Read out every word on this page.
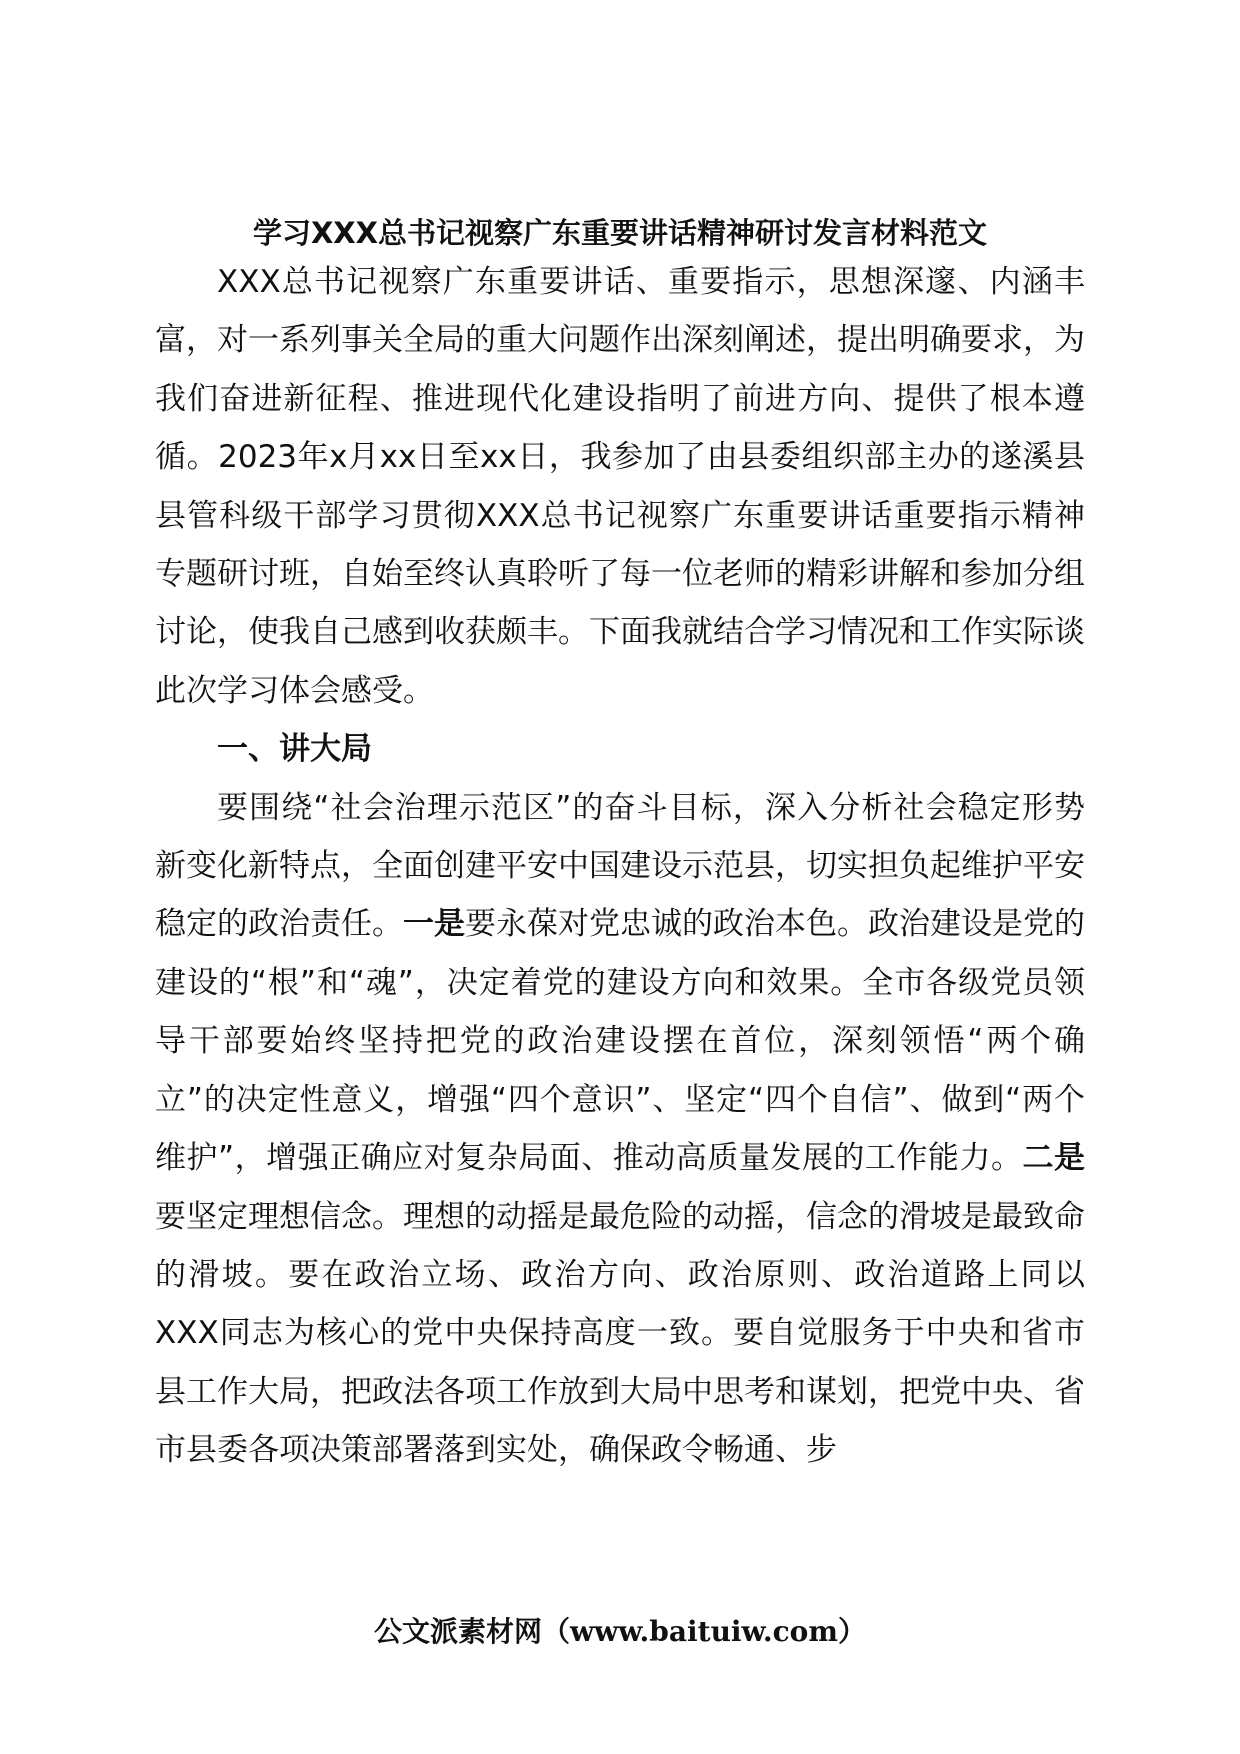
学习XXX总书记视察广东重要讲话精神研讨发言材料范文

XXX总书记视察广东重要讲话、重要指示，思想深邃、内涵丰富，对一系列事关全局的重大问题作出深刻阐述，提出明确要求，为我们奋进新征程、推进现代化建设指明了前进方向、提供了根本遵循。2023年x月xx日至xx日，我参加了由县委组织部主办的遂溪县县管科级干部学习贯彻XXX总书记视察广东重要讲话重要指示精神专题研讨班，自始至终认真聆听了每一位老师的精彩讲解和参加分组讨论，使我自己感到收获颇丰。下面我就结合学习情况和工作实际谈此次学习体会感受。

一、讲大局

要围绕“社会治理示范区”的奋斗目标，深入分析社会稳定形势新变化新特点，全面创建平安中国建设示范县，切实担负起维护平安稳定的政治责任。一是要永葆对党忠诚的政治本色。政治建设是党的建设的“根”和“魂”，决定着党的建设方向和效果。全市各级党员领导干部要始终坚持把党的政治建设摆在首位，深刻领悟“两个确立”的决定性意义，增强“四个意识”、坚定“四个自信”、做到“两个维护”，增强正确应对复杂局面、推动高质量发展的工作能力。二是要坚定理想信念。理想的动摇是最危险的动摇，信念的滑坡是最致命的滑坡。要在政治立场、政治方向、政治原则、政治道路上同以XXX同志为核心的党中央保持高度一致。要自觉服务于中央和省市县工作大局，把政法各项工作放到大局中思考和谋划，把党中央、省市县委各项决策部署落到实处，确保政令畅通、步

公文派素材网（www.baituiw.com）
